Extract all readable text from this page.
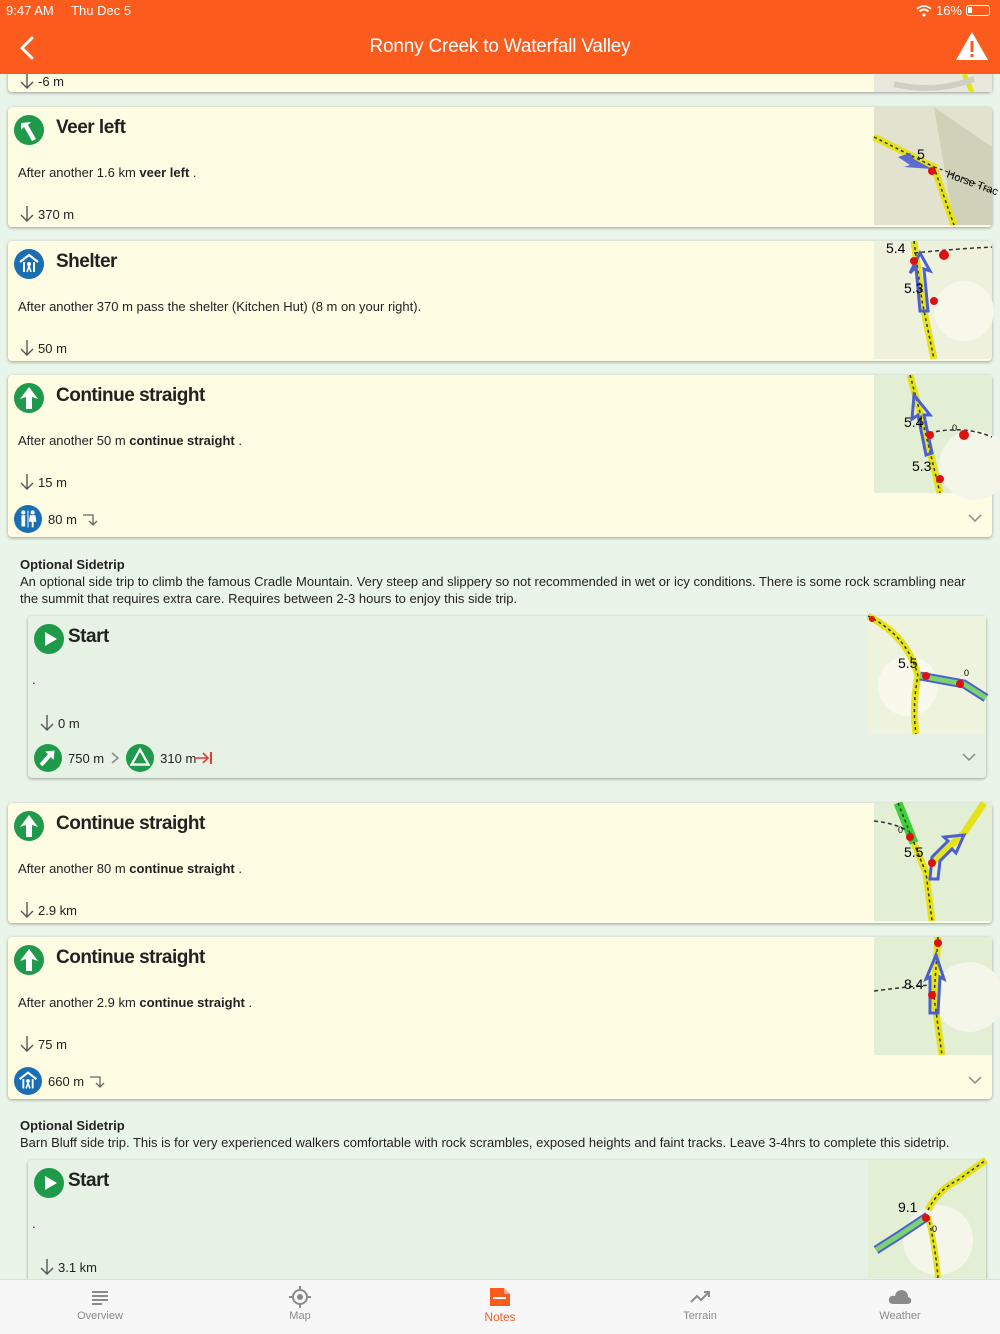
9:47 AM Thu Dec 5	16%
Ronny Creek to Waterfall Valley
-6 m
Veer left
After another 1.6 km veer left .
370 m
5
Horse Trac
Shelter
After another 370 m pass the shelter (Kitchen Hut) (8 m on your right).
50 m
5.4
5.3
Continue straight
After another 50 m continue straight .
15 m
80 m
5.4
5.3
0
Optional Sidetrip
An optional side trip to climb the famous Cradle Mountain. Very steep and slippery so not recommended in wet or icy conditions. There is some rock scrambling near the summit that requires extra care. Requires between 2-3 hours to enjoy this side trip.
Start
.
0 m
750 m	310 m
5.5
0
Continue straight
After another 80 m continue straight .
2.9 km
5.5
0
Continue straight
After another 2.9 km continue straight .
75 m
660 m
8.4
Optional Sidetrip
Barn Bluff side trip. This is for very experienced walkers comfortable with rock scrambles, exposed heights and faint tracks. Leave 3-4hrs to complete this sidetrip.
Start
.
3.1 km
9.1
0
Overview	Map	Notes	Terrain	Weather
